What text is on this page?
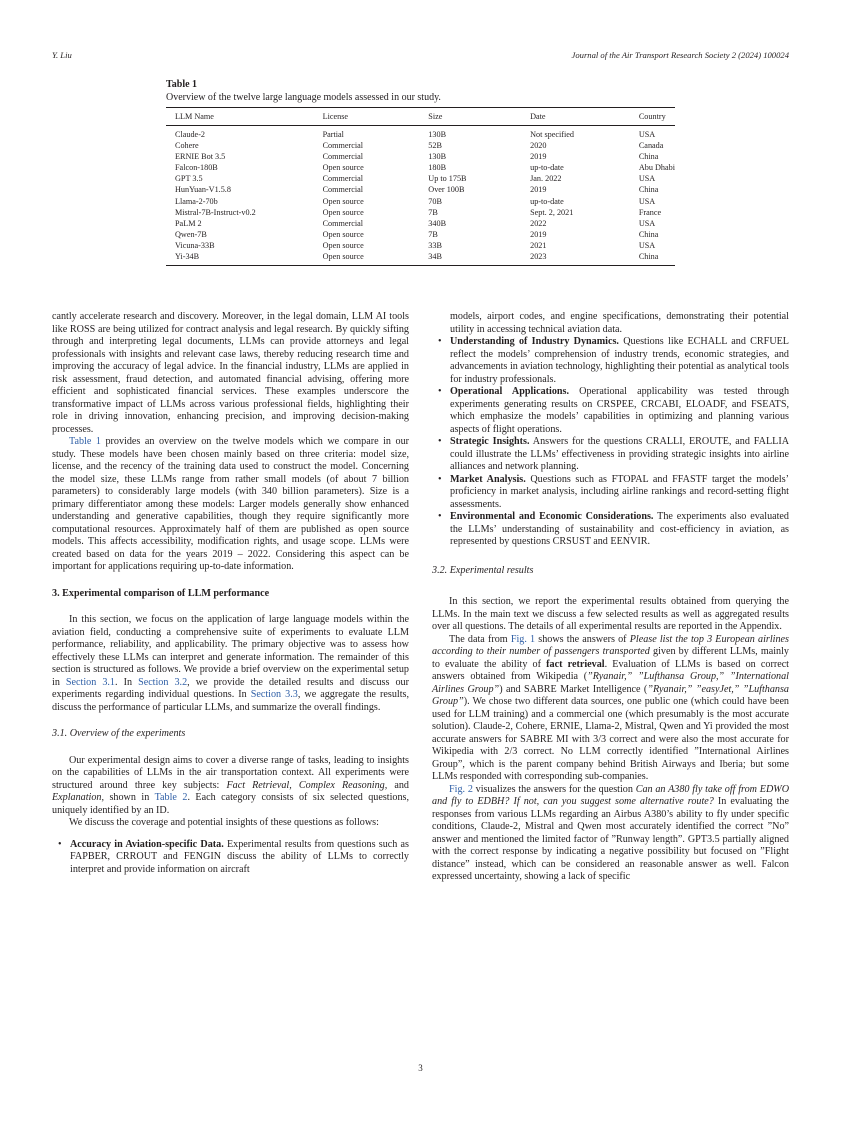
Y. Liu	Journal of the Air Transport Research Society 2 (2024) 100024
Table 1
Overview of the twelve large language models assessed in our study.
LLM Name	License	Size	Date	Country
Claude-2	Partial	130B	Not specified	USA
Cohere	Commercial	52B	2020	Canada
ERNIE Bot 3.5	Commercial	130B	2019	China
Falcon-180B	Open source	180B	up-to-date	Abu Dhabi
GPT 3.5	Commercial	Up to 175B	Jan. 2022	USA
HunYuan-V1.5.8	Commercial	Over 100B	2019	China
Llama-2-70b	Open source	70B	up-to-date	USA
Mistral-7B-Instruct-v0.2	Open source	7B	Sept. 2, 2021	France
PaLM 2	Commercial	340B	2022	USA
Qwen-7B	Open source	7B	2019	China
Vicuna-33B	Open source	33B	2021	USA
Yi-34B	Open source	34B	2023	China

cantly accelerate research and discovery. Moreover, in the legal domain, LLM AI tools like ROSS are being utilized for contract analysis and legal research. By quickly sifting through and interpreting legal documents, LLMs can provide attorneys and legal professionals with insights and relevant case laws, thereby reducing research time and improving the accuracy of legal advice. In the financial industry, LLMs are applied in risk assessment, fraud detection, and automated financial advising, offering more efficient and sophisticated financial services. These examples underscore the transformative impact of LLMs across various professional fields, highlighting their role in driving innovation, enhancing precision, and improving decision-making processes.

Table 1 provides an overview on the twelve models which we compare in our study. These models have been chosen mainly based on three criteria: model size, license, and the recency of the training data used to construct the model. Concerning the model size, these LLMs range from rather small models (of about 7 billion parameters) to considerably large models (with 340 billion parameters). Size is a primary differentiator among these models: Larger models generally show enhanced understanding and generative capabilities, though they require significantly more computational resources. Approximately half of them are published as open source models. This affects accessibility, modification rights, and usage scope. LLMs were created based on data for the years 2019 – 2022. Considering this aspect can be important for applications requiring up-to-date information.

3. Experimental comparison of LLM performance

In this section, we focus on the application of large language models within the aviation field, conducting a comprehensive suite of experiments to evaluate LLM performance, reliability, and applicability. The primary objective was to assess how effectively these LLMs can interpret and generate information. The remainder of this section is structured as follows. We provide a brief overview on the experimental setup in Section 3.1. In Section 3.2, we provide the detailed results and discuss our experiments regarding individual questions. In Section 3.3, we aggregate the results, discuss the performance of particular LLMs, and summarize the overall findings.

3.1. Overview of the experiments

Our experimental design aims to cover a diverse range of tasks, leading to insights on the capabilities of LLMs in the air transportation context. All experiments were structured around three key subjects: Fact Retrieval, Complex Reasoning, and Explanation, shown in Table 2. Each category consists of six selected questions, uniquely identified by an ID.

We discuss the coverage and potential insights of these questions as follows:

• Accuracy in Aviation-specific Data. Experimental results from questions such as FAPBER, CRROUT and FENGIN discuss the ability of LLMs to correctly interpret and provide information on aircraft
models, airport codes, and engine specifications, demonstrating their potential utility in accessing technical aviation data.
• Understanding of Industry Dynamics. Questions like ECHALL and CRFUEL reflect the models’ comprehension of industry trends, economic strategies, and advancements in aviation technology, highlighting their potential as analytical tools for industry professionals.
• Operational Applications. Operational applicability was tested through experiments generating results on CRSPEE, CRCABI, ELOADF, and FSEATS, which emphasize the models’ capabilities in optimizing and planning various aspects of flight operations.
• Strategic Insights. Answers for the questions CRALLI, EROUTE, and FALLIA could illustrate the LLMs’ effectiveness in providing strategic insights into airline alliances and network planning.
• Market Analysis. Questions such as FTOPAL and FFASTF target the models’ proficiency in market analysis, including airline rankings and record-setting flight assessments.
• Environmental and Economic Considerations. The experiments also evaluated the LLMs’ understanding of sustainability and cost-efficiency in aviation, as represented by questions CRSUST and EENVIR.

3.2. Experimental results

In this section, we report the experimental results obtained from querying the LLMs. In the main text we discuss a few selected results as well as aggregated results over all questions. The details of all experimental results are reported in the Appendix.

The data from Fig. 1 shows the answers of Please list the top 3 European airlines according to their number of passengers transported given by different LLMs, mainly to evaluate the ability of fact retrieval. Evaluation of LLMs is based on correct answers obtained from Wikipedia (”Ryanair,” ”Lufthansa Group,” ”International Airlines Group”) and SABRE Market Intelligence (”Ryanair,” ”easyJet,” ”Lufthansa Group”). We chose two different data sources, one public one (which could have been used for LLM training) and a commercial one (which presumably is the most accurate solution). Claude-2, Cohere, ERNIE, Llama-2, Mistral, Qwen and Yi provided the most accurate answers for SABRE MI with 3/3 correct and were also the most accurate for Wikipedia with 2/3 correct. No LLM correctly identified ”International Airlines Group”, which is the parent company behind British Airways and Iberia; but some LLMs responded with corresponding sub-companies.

Fig. 2 visualizes the answers for the question Can an A380 fly take off from EDWO and fly to EDBH? If not, can you suggest some alternative route? In evaluating the responses from various LLMs regarding an Airbus A380’s ability to fly under specific conditions, Claude-2, Mistral and Qwen most accurately identified the correct ”No” answer and mentioned the limited factor of ”Runway length”. GPT3.5 partially aligned with the correct response by indicating a negative possibility but focused on ”Flight distance” instead, which can be considered an reasonable answer as well. Falcon expressed uncertainty, showing a lack of specific

3
